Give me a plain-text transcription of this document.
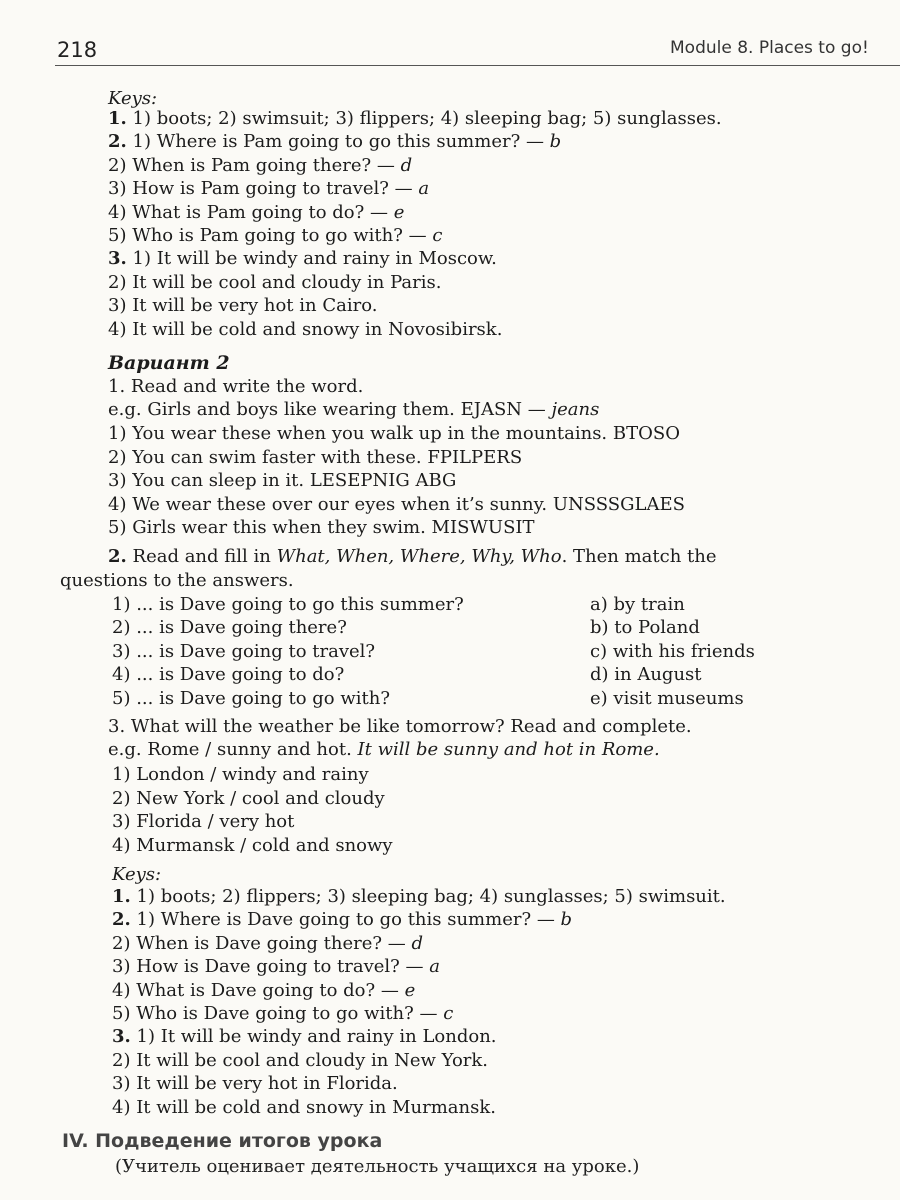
218	Module 8. Places to go!
Keys:
1. 1) boots; 2) swimsuit; 3) flippers; 4) sleeping bag; 5) sunglasses.
2. 1) Where is Pam going to go this summer? — b
2) When is Pam going there? — d
3) How is Pam going to travel? — a
4) What is Pam going to do? — e
5) Who is Pam going to go with? — c
3. 1) It will be windy and rainy in Moscow.
2) It will be cool and cloudy in Paris.
3) It will be very hot in Cairo.
4) It will be cold and snowy in Novosibirsk.
Вариант 2
1. Read and write the word.
e.g. Girls and boys like wearing them. EJASN — jeans
1) You wear these when you walk up in the mountains. BTOSO
2) You can swim faster with these. FPILPERS
3) You can sleep in it. LESEPNIG ABG
4) We wear these over our eyes when it’s sunny. UNSSSGLAES
5) Girls wear this when they swim. MISWUSIT
2. Read and fill in What, When, Where, Why, Who. Then match the
questions to the answers.
1) ... is Dave going to go this summer?	a) by train
2) ... is Dave going there?	b) to Poland
3) ... is Dave going to travel?	c) with his friends
4) ... is Dave going to do?	d) in August
5) ... is Dave going to go with?	e) visit museums
3. What will the weather be like tomorrow? Read and complete.
e.g. Rome / sunny and hot. It will be sunny and hot in Rome.
1) London / windy and rainy
2) New York / cool and cloudy
3) Florida / very hot
4) Murmansk / cold and snowy
Keys:
1. 1) boots; 2) flippers; 3) sleeping bag; 4) sunglasses; 5) swimsuit.
2. 1) Where is Dave going to go this summer? — b
2) When is Dave going there? — d
3) How is Dave going to travel? — a
4) What is Dave going to do? — e
5) Who is Dave going to go with? — c
3. 1) It will be windy and rainy in London.
2) It will be cool and cloudy in New York.
3) It will be very hot in Florida.
4) It will be cold and snowy in Murmansk.
IV. Подведение итогов урока
(Учитель оценивает деятельность учащихся на уроке.)
